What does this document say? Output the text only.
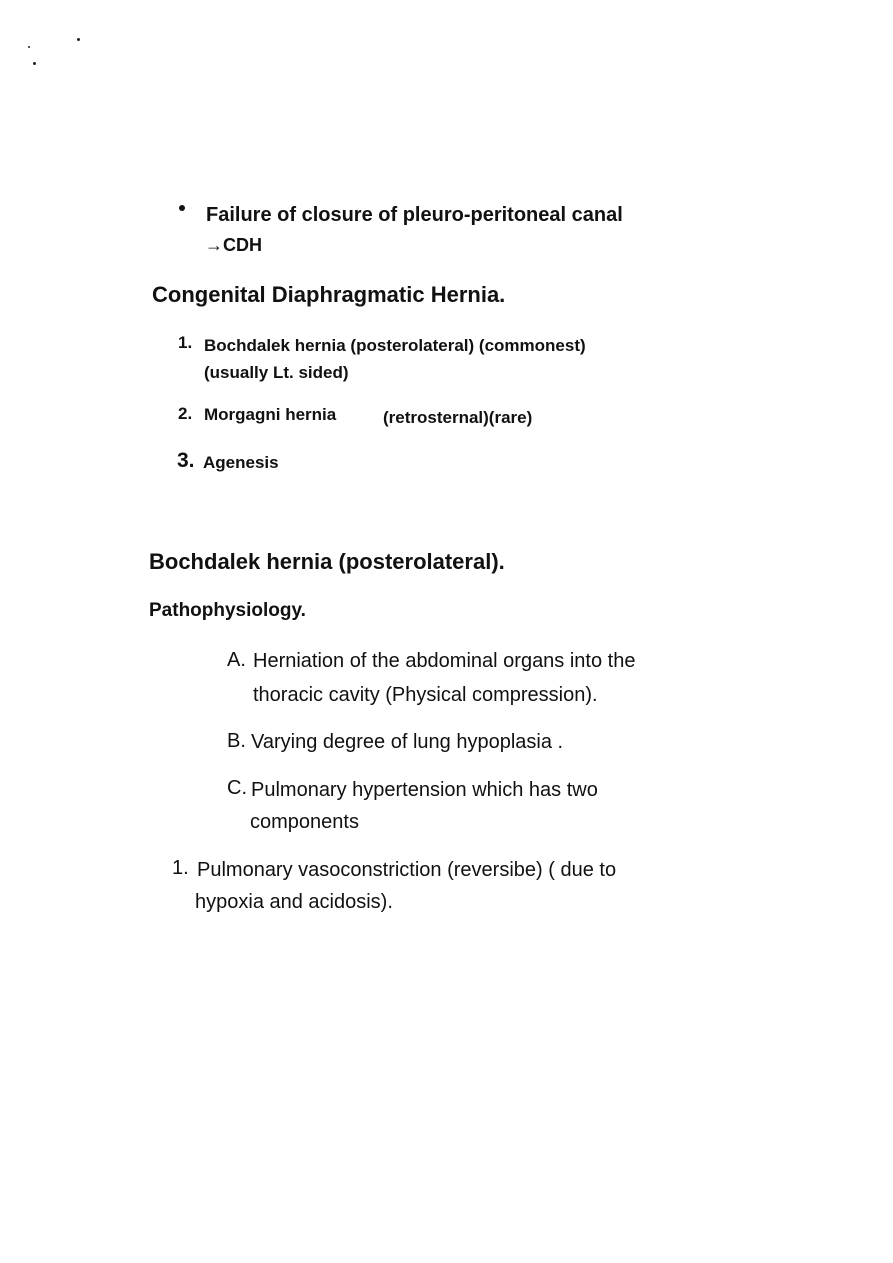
Failure of closure of pleuro-peritoneal canal
→CDH
Congenital Diaphragmatic Hernia.
1. Bochdalek hernia (posterolateral) (commonest)
(usually Lt. sided)
2. Morgagni hernia	(retrosternal)(rare)
3. Agenesis
Bochdalek hernia (posterolateral).
Pathophysiology.
A. Herniation of the abdominal organs into the
thoracic cavity (Physical compression).
B. Varying degree of lung hypoplasia .
C. Pulmonary hypertension which has two
components
1. Pulmonary vasoconstriction (reversibe) ( due to
hypoxia and acidosis).
